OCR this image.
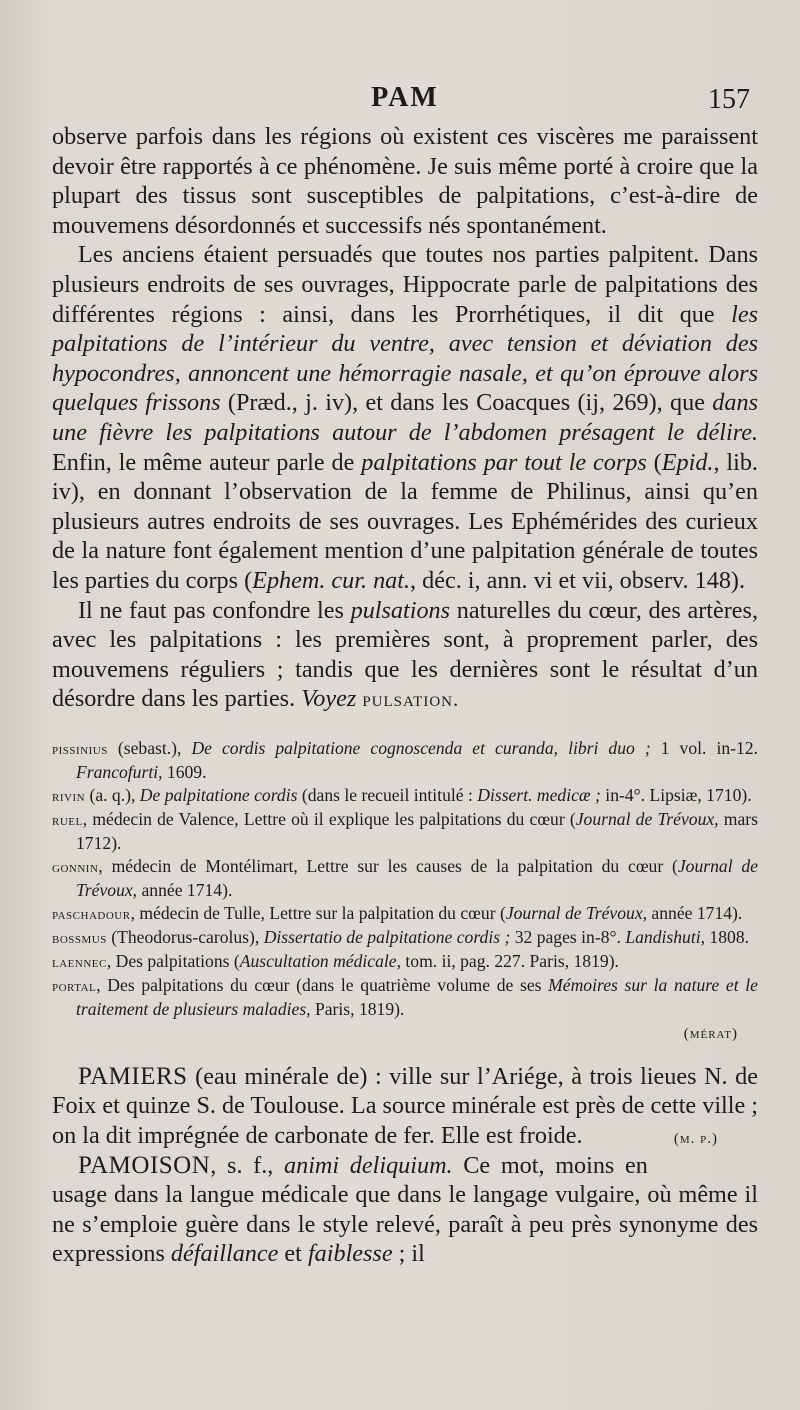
PAM	157

observe parfois dans les régions où existent ces viscères me paraissent devoir être rapportés à ce phénomène. Je suis même porté à croire que la plupart des tissus sont susceptibles de palpitations, c’est-à-dire de mouvemens désordonnés et successifs nés spontanément.

Les anciens étaient persuadés que toutes nos parties palpitent. Dans plusieurs endroits de ses ouvrages, Hippocrate parle de palpitations des différentes régions : ainsi, dans les Prorrhétiques, il dit que les palpitations de l’intérieur du ventre, avec tension et déviation des hypocondres, annoncent une hémorragie nasale, et qu’on éprouve alors quelques frissons (Præd., j. iv), et dans les Coacques (ij, 269), que dans une fièvre les palpitations autour de l’abdomen présagent le délire. Enfin, le même auteur parle de palpitations par tout le corps (Epid., lib. iv), en donnant l’observation de la femme de Philinus, ainsi qu’en plusieurs autres endroits de ses ouvrages. Les Ephémérides des curieux de la nature font également mention d’une palpitation générale de toutes les parties du corps (Ephem. cur. nat., déc. i, ann. vi et vii, observ. 148).

Il ne faut pas confondre les pulsations naturelles du cœur, des artères, avec les palpitations : les premières sont, à proprement parler, des mouvemens réguliers ; tandis que les dernières sont le résultat d’un désordre dans les parties. Voyez pulsation.

pissinius (sebast.), De cordis palpitatione cognoscenda et curanda, libri duo ; 1 vol. in-12. Francofurti, 1609.

rivin (a. q.), De palpitatione cordis (dans le recueil intitulé : Dissert. medicæ ; in-4°. Lipsiæ, 1710).

ruel, médecin de Valence, Lettre où il explique les palpitations du cœur (Journal de Trévoux, mars 1712).

gonnin, médecin de Montélimart, Lettre sur les causes de la palpitation du cœur (Journal de Trévoux, année 1714).

paschadour, médecin de Tulle, Lettre sur la palpitation du cœur (Journal de Trévoux, année 1714).

bossmus (Theodorus-carolus), Dissertatio de palpitatione cordis ; 32 pages in-8°. Landishuti, 1808.

laennec, Des palpitations (Auscultation médicale, tom. ii, pag. 227. Paris, 1819).

portal, Des palpitations du cœur (dans le quatrième volume de ses Mémoires sur la nature et le traitement de plusieurs maladies, Paris, 1819).

(mérat)

PAMIERS (eau minérale de) : ville sur l’Ariége, à trois lieues N. de Foix et quinze S. de Toulouse. La source minérale est près de cette ville ; on la dit imprégnée de carbonate de fer. Elle est froide.	(m. p.)

PAMOISON, s. f., animi deliquium. Ce mot, moins en usage dans la langue médicale que dans le langage vulgaire, où même il ne s’emploie guère dans le style relevé, paraît à peu près synonyme des expressions défaillance et faiblesse ; il
